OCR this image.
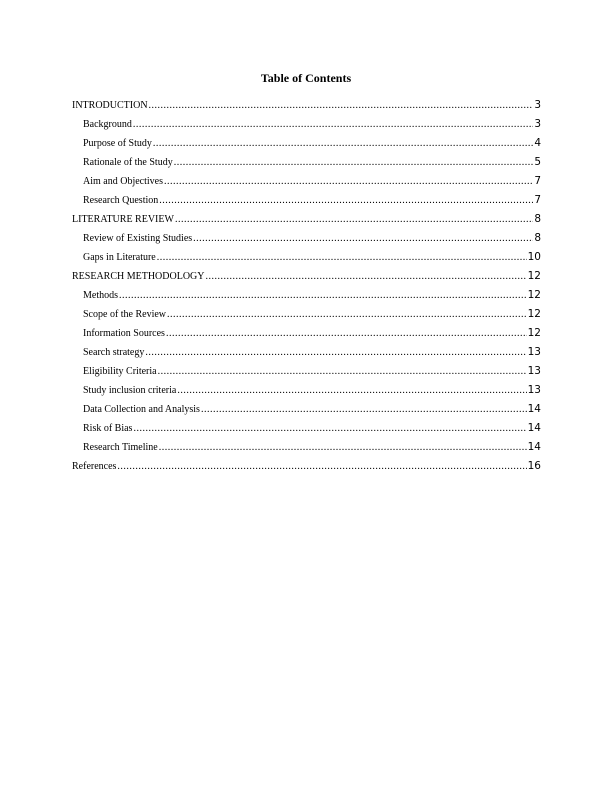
Table of Contents
INTRODUCTION .....	3
Background .....	3
Purpose of Study .....	4
Rationale of the Study .....	5
Aim and Objectives .....	7
Research Question .....	7
LITERATURE REVIEW .....	8
Review of Existing Studies .....	8
Gaps in Literature .....	10
RESEARCH METHODOLOGY .....	12
Methods .....	12
Scope of the Review .....	12
Information Sources .....	12
Search strategy .....	13
Eligibility Criteria .....	13
Study inclusion criteria .....	13
Data Collection and Analysis .....	14
Risk of Bias .....	14
Research Timeline .....	14
References .....	16
